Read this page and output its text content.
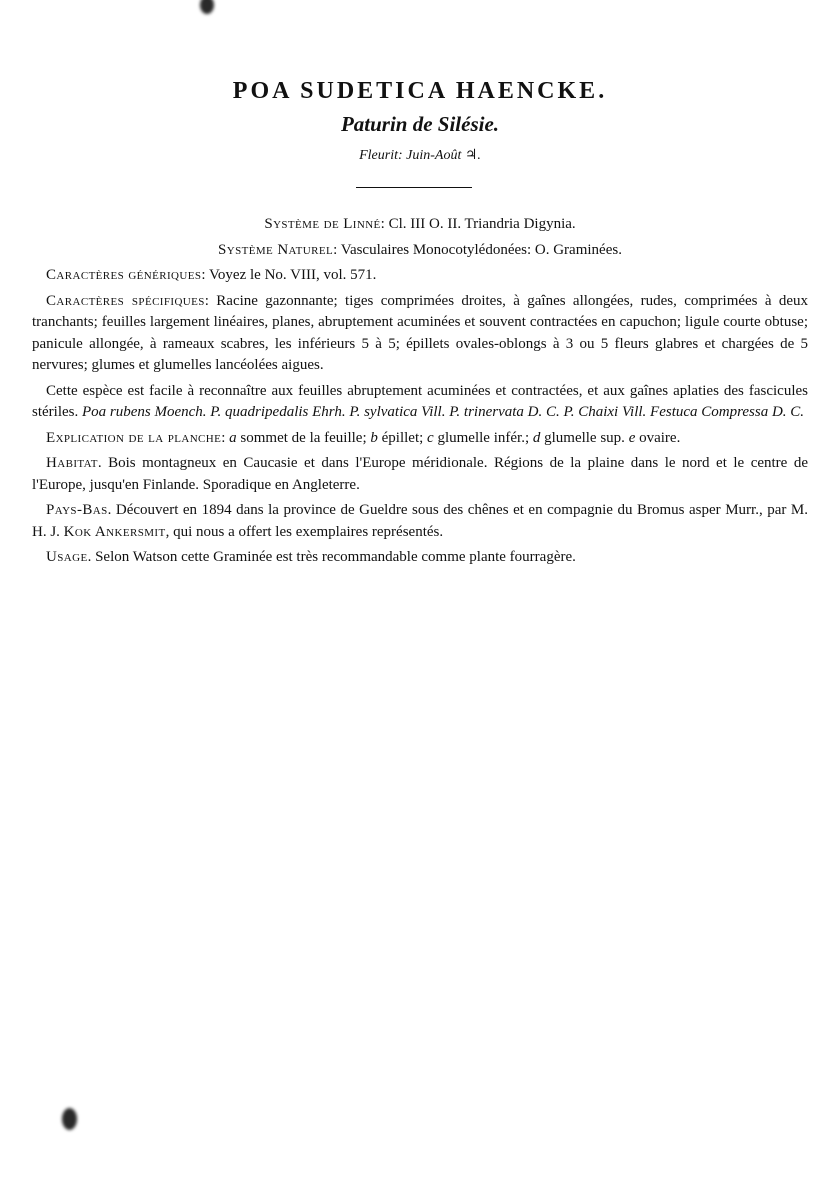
POA SUDETICA HAENCKE.
Paturin de Silésie.
Fleurit: Juin-Août ♃.

Système de Linné: Cl. III O. II. Triandria Digynia.

Système Naturel: Vasculaires Monocotylédonées: O. Graminées.

Caractères génériques: Voyez le No. VIII, vol. 571.

Caractères spécifiques: Racine gazonnante; tiges comprimées droites, à gaînes allongées, rudes, comprimées à deux tranchants; feuilles largement linéaires, planes, abruptement acuminées et souvent contractées en capuchon; ligule courte obtuse; panicule allongée, à rameaux scabres, les inférieurs 5 à 5; épillets ovales-oblongs à 3 ou 5 fleurs glabres et chargées de 5 nervures; glumes et glumelles lancéolées aigues.

Cette espèce est facile à reconnaître aux feuilles abruptement acuminées et contractées, et aux gaînes aplaties des fascicules stériles. Poa rubens Moench. P. quadripedalis Ehrh. P. sylvatica Vill. P. trinervata D. C. P. Chaixi Vill. Festuca Compressa D. C.

Explication de la planche: a sommet de la feuille; b épillet; c glumelle infér.; d glumelle sup. e ovaire.

Habitat. Bois montagneux en Caucasie et dans l'Europe méridionale. Régions de la plaine dans le nord et le centre de l'Europe, jusqu'en Finlande. Sporadique en Angleterre.

Pays-Bas. Découvert en 1894 dans la province de Gueldre sous des chênes et en compagnie du Bromus asper Murr., par M. H. J. Kok Ankersmit, qui nous a offert les exemplaires représentés.

Usage. Selon Watson cette Graminée est très recommandable comme plante fourragère.
